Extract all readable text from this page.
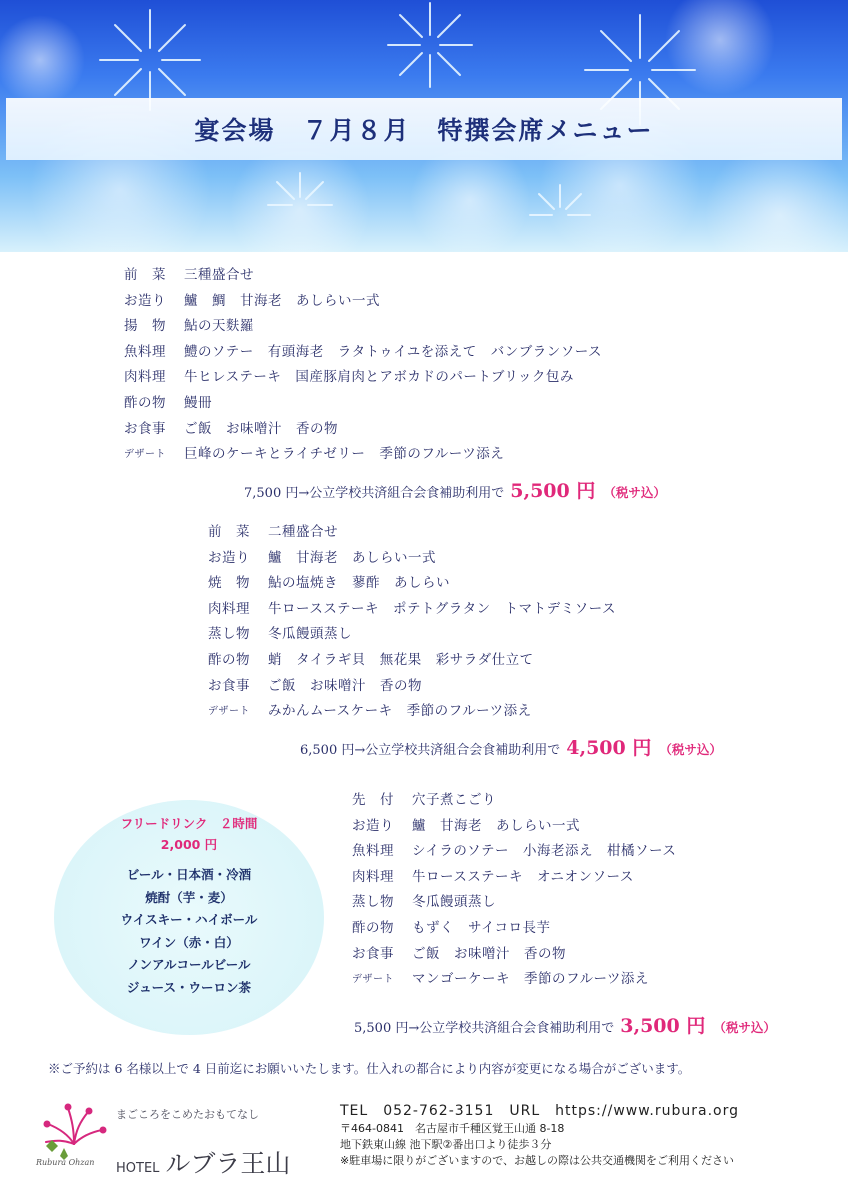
宴会場　７月８月　特撰会席メニュー
前　菜	三種盛合せ
お造り	鱸　鯛　甘海老　あしらい一式
揚　物	鮎の天麩羅
魚料理	鱧のソテー　有頭海老　ラタトゥイユを添えて　バンブランソース
肉料理	牛ヒレステーキ　国産豚肩肉とアボカドのパートブリック包み
酢の物	鰻冊
お食事	ご飯　お味噌汁　香の物
デザート	巨峰のケーキとライチゼリー　季節のフルーツ添え
7,500 円→公立学校共済組合会食補助利用で 5,500 円 （税サ込）
前　菜	二種盛合せ
お造り	鱸　甘海老　あしらい一式
焼　物	鮎の塩焼き　蓼酢　あしらい
肉料理	牛ロースステーキ　ポテトグラタン　トマトデミソース
蒸し物	冬瓜饅頭蒸し
酢の物	蛸　タイラギ貝　無花果　彩サラダ仕立て
お食事	ご飯　お味噌汁　香の物
デザート	みかんムースケーキ　季節のフルーツ添え
6,500 円→公立学校共済組合会食補助利用で 4,500 円 （税サ込）
先　付	穴子煮こごり
お造り	鱸　甘海老　あしらい一式
魚料理	シイラのソテー　小海老添え　柑橘ソース
肉料理	牛ロースステーキ　オニオンソース
蒸し物	冬瓜饅頭蒸し
酢の物	もずく　サイコロ長芋
お食事	ご飯　お味噌汁　香の物
デザート	マンゴーケーキ　季節のフルーツ添え
5,500 円→公立学校共済組合会食補助利用で 3,500 円 （税サ込）
フリードリンク　２時間
2,000 円
ビール・日本酒・冷酒
焼酎（芋・麦）
ウイスキー・ハイボール
ワイン（赤・白）
ノンアルコールビール
ジュース・ウーロン茶
※ご予約は 6 名様以上で 4 日前迄にお願いいたします。仕入れの都合により内容が変更になる場合がございます。
Rubura Ohzan
まごころをこめたおもてなし
HOTEL ルブラ王山
TEL　052-762-3151　URL　https://www.rubura.org
〒464-0841　名古屋市千種区覚王山通 8-18
地下鉄東山線 池下駅②番出口より徒歩３分
※駐車場に限りがございますので、お越しの際は公共交通機関をご利用ください
